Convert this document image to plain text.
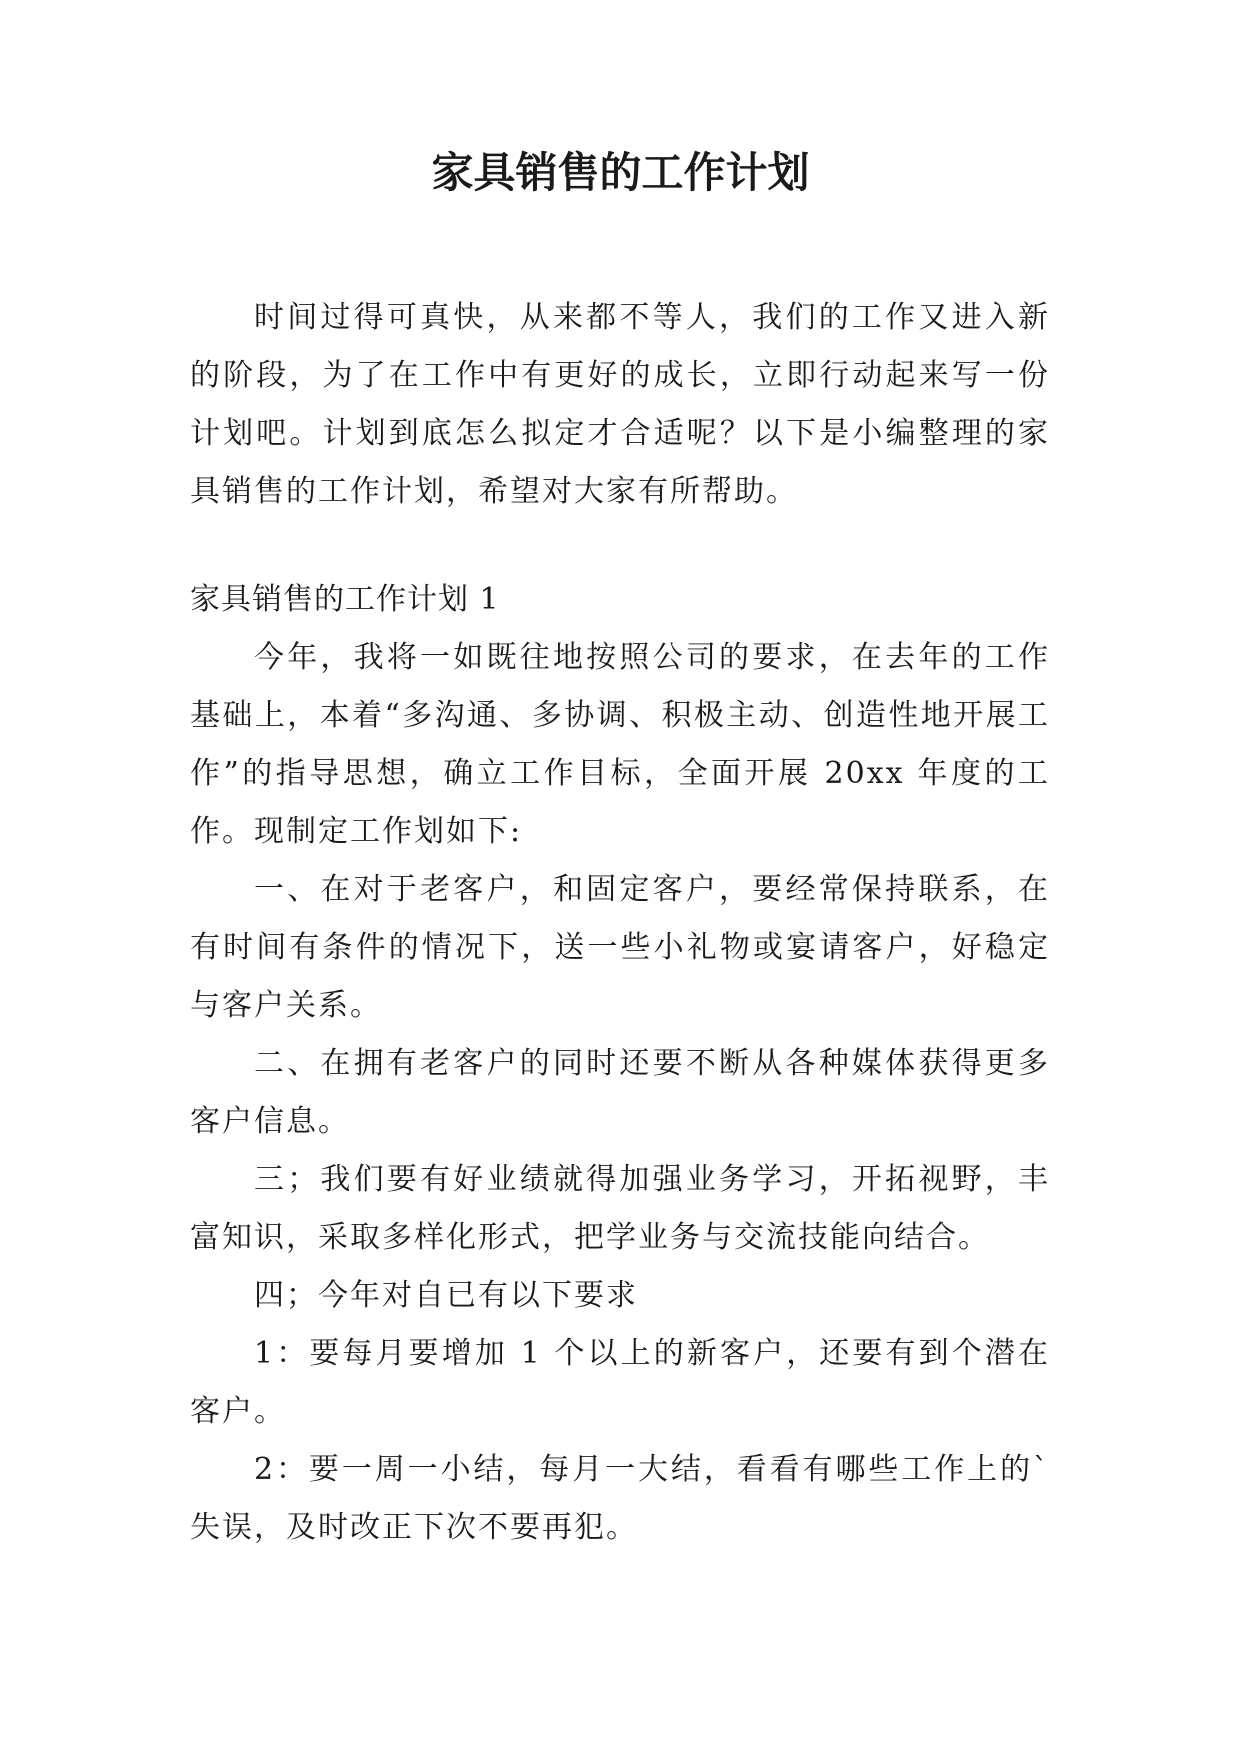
家具销售的工作计划

时间过得可真快，从来都不等人，我们的工作又进入新的阶段，为了在工作中有更好的成长，立即行动起来写一份计划吧。计划到底怎么拟定才合适呢？以下是小编整理的家具销售的工作计划，希望对大家有所帮助。

家具销售的工作计划 1

今年，我将一如既往地按照公司的要求，在去年的工作基础上，本着“多沟通、多协调、积极主动、创造性地开展工作”的指导思想，确立工作目标，全面开展 20xx 年度的工作。现制定工作划如下:

一、在对于老客户，和固定客户，要经常保持联系，在有时间有条件的情况下，送一些小礼物或宴请客户，好稳定与客户关系。

二、在拥有老客户的同时还要不断从各种媒体获得更多客户信息。

三；我们要有好业绩就得加强业务学习，开拓视野，丰富知识，采取多样化形式，把学业务与交流技能向结合。

四；今年对自已有以下要求

1：要每月要增加 1 个以上的新客户，还要有到个潜在客户。

2：要一周一小结，每月一大结，看看有哪些工作上的`失误，及时改正下次不要再犯。
